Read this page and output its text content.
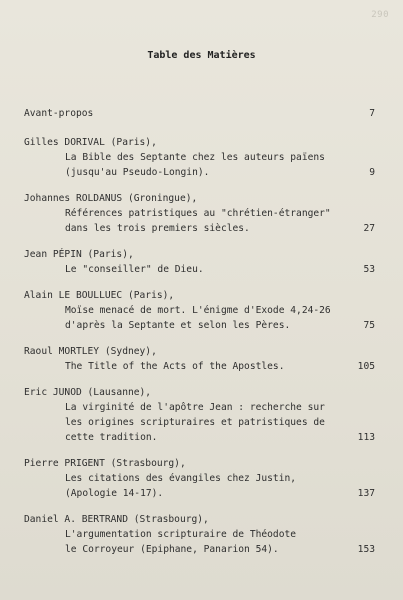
290
Table des Matières
Avant-propos	7
Gilles DORIVAL (Paris),
La Bible des Septante chez les auteurs païens
(jusqu'au Pseudo-Longin).	9
Johannes ROLDANUS (Groningue),
Références patristiques au "chrétien-étranger"
dans les trois premiers siècles.	27
Jean PÉPIN (Paris),
Le "conseiller" de Dieu.	53
Alain LE BOULLUEC (Paris),
Moïse menacé de mort. L'énigme d'Exode 4,24-26
d'après la Septante et selon les Pères.	75
Raoul MORTLEY (Sydney),
The Title of the Acts of the Apostles.	105
Eric JUNOD (Lausanne),
La virginité de l'apôtre Jean : recherche sur
les origines scripturaires et patristiques de
cette tradition.	113
Pierre PRIGENT (Strasbourg),
Les citations des évangiles chez Justin,
(Apologie 14-17).	137
Daniel A. BERTRAND (Strasbourg),
L'argumentation scripturaire de Théodote
le Corroyeur (Epiphane, Panarion 54).	153
